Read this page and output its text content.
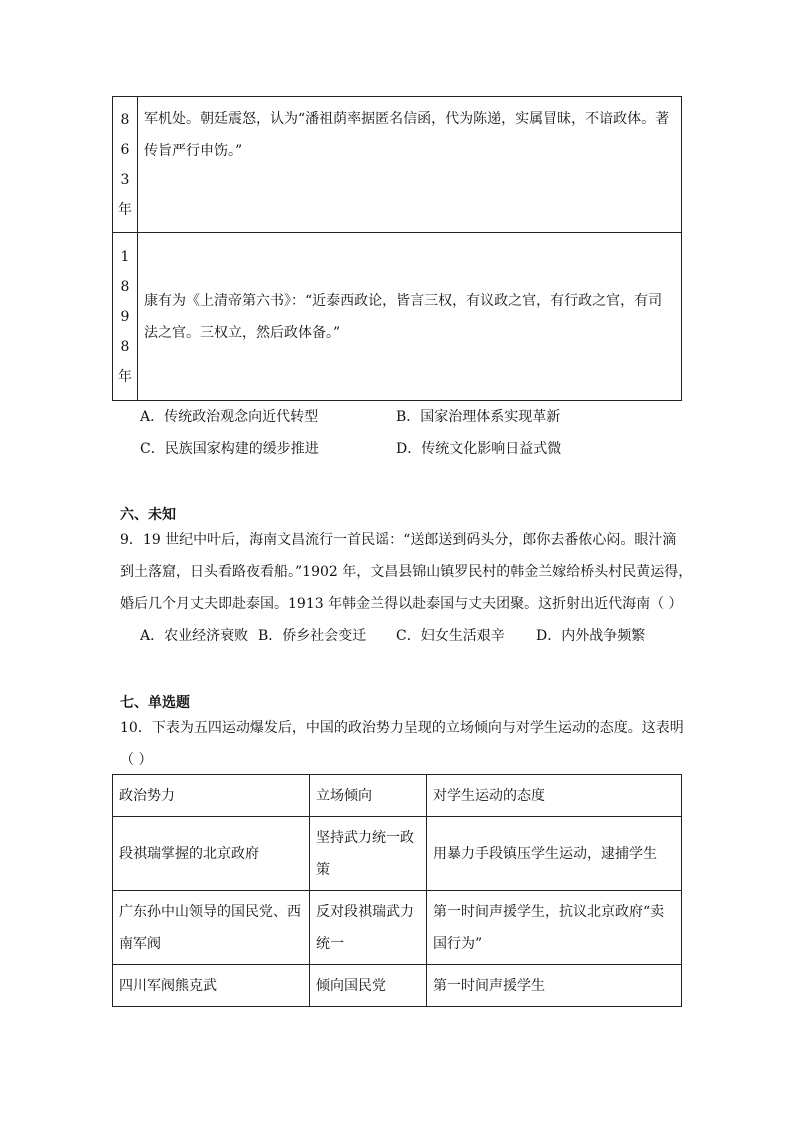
8
6
3
年	军机处。朝廷震怒，认为“潘祖荫率据匿名信函，代为陈递，实属冒昧，不谙政体。著传旨严行申饬。”

1
8
9
8
年	康有为《上清帝第六书》：“近泰西政论，皆言三权，有议政之官，有行政之官，有司法之官。三权立，然后政体备。”
A．传统政治观念向近代转型	B．国家治理体系实现革新
C．民族国家构建的缓步推进	D．传统文化影响日益式微
六、未知
9．19 世纪中叶后，海南文昌流行一首民谣：“送郎送到码头分，郎你去番侬心闷。眼汁滴
到土落窟，日头看路夜看船。”1902 年，文昌县锦山镇罗民村的韩金兰嫁给桥头村民黄运得，
婚后几个月丈夫即赴泰国。1913 年韩金兰得以赴泰国与丈夫团聚。这折射出近代海南（ ）
A．农业经济衰败 B．侨乡社会变迁 C．妇女生活艰辛 D．内外战争频繁
七、单选题
10．下表为五四运动爆发后，中国的政治势力呈现的立场倾向与对学生运动的态度。这表明
（ ）
政治势力	立场倾向	对学生运动的态度
段祺瑞掌握的北京政府	坚持武力统一政策	用暴力手段镇压学生运动，逮捕学生
广东孙中山领导的国民党、西南军阀	反对段祺瑞武力统一	第一时间声援学生，抗议北京政府“卖国行为”
四川军阀熊克武	倾向国民党	第一时间声援学生
